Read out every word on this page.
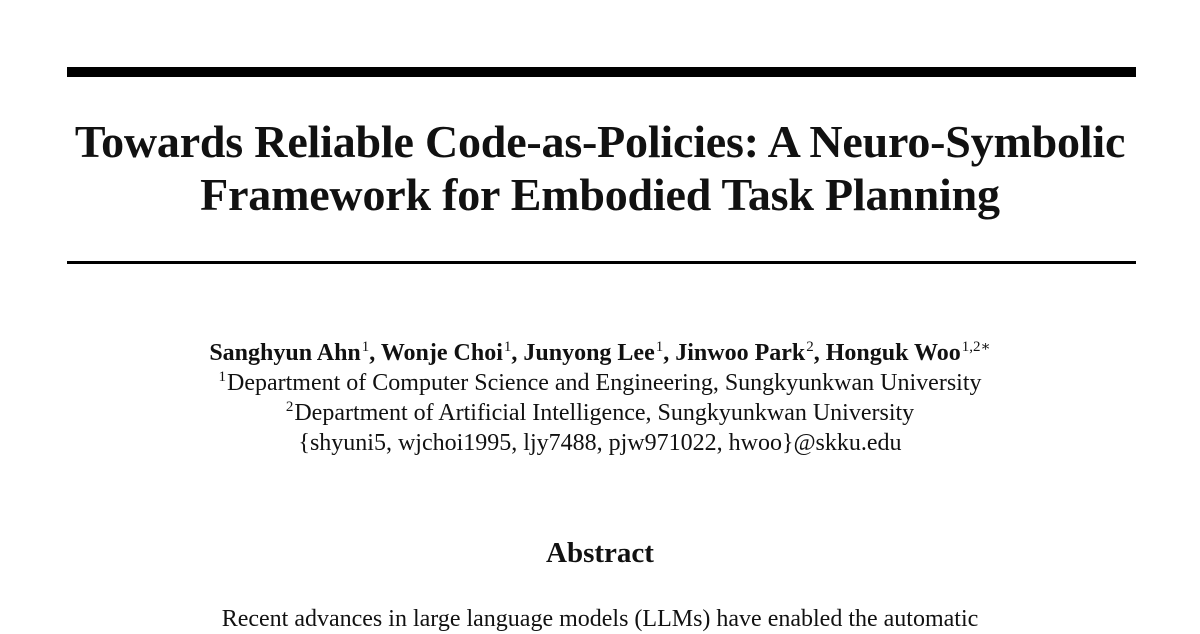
Towards Reliable Code-as-Policies: A Neuro-Symbolic
Framework for Embodied Task Planning
Sanghyun Ahn$^1$, Wonje Choi$^1$, Junyong Lee$^1$, Jinwoo Park$^2$, Honguk Woo$^{1,2∗}$
$^1$Department of Computer Science and Engineering, Sungkyunkwan University
$^2$Department of Artificial Intelligence, Sungkyunkwan University
{shyuni5, wjchoi1995, ljy7488, pjw971022, hwoo}@skku.edu
Abstract
Recent advances in large language models (LLMs) have enabled the automatic
